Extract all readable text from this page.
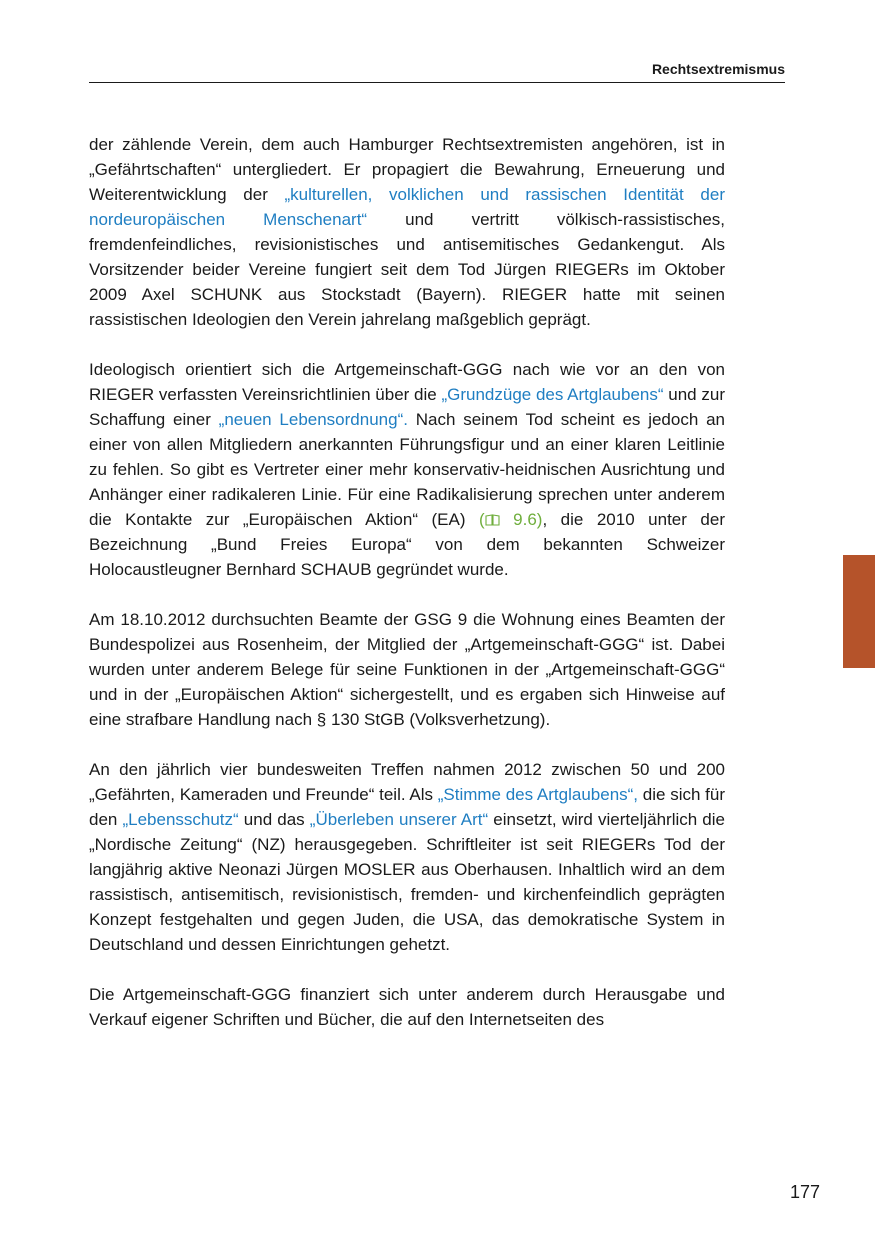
Rechtsextremismus

der zählende Verein, dem auch Hamburger Rechtsextremisten angehören, ist in „Gefährtschaften“ untergliedert. Er propagiert die Bewahrung, Erneuerung und Weiterentwicklung der „kulturellen, volklichen und rassischen Identität der nordeuropäischen Menschenart“ und vertritt völkisch-rassistisches, fremdenfeindliches, revisionistisches und antisemitisches Gedankengut. Als Vorsitzender beider Vereine fungiert seit dem Tod Jürgen RIEGERs im Oktober 2009 Axel SCHUNK aus Stockstadt (Bayern). RIEGER hatte mit seinen rassistischen Ideologien den Verein jahrelang maßgeblich geprägt.

Ideologisch orientiert sich die Artgemeinschaft-GGG nach wie vor an den von RIEGER verfassten Vereinsrichtlinien über die „Grundzüge des Artglaubens“ und zur Schaffung einer „neuen Lebensordnung“. Nach seinem Tod scheint es jedoch an einer von allen Mitgliedern anerkannten Führungsfigur und an einer klaren Leitlinie zu fehlen. So gibt es Vertreter einer mehr konservativ-heidnischen Ausrichtung und Anhänger einer radikaleren Linie. Für eine Radikalisierung sprechen unter anderem die Kontakte zur „Europäischen Aktion“ (EA) ( 9.6), die 2010 unter der Bezeichnung „Bund Freies Europa“ von dem bekannten Schweizer Holocaustleugner Bernhard SCHAUB gegründet wurde.

Am 18.10.2012 durchsuchten Beamte der GSG 9 die Wohnung eines Beamten der Bundespolizei aus Rosenheim, der Mitglied der „Artgemeinschaft-GGG“ ist. Dabei wurden unter anderem Belege für seine Funktionen in der „Artgemeinschaft-GGG“ und in der „Europäischen Aktion“ sichergestellt, und es ergaben sich Hinweise auf eine strafbare Handlung nach § 130 StGB (Volksverhetzung).

An den jährlich vier bundesweiten Treffen nahmen 2012 zwischen 50 und 200 „Gefährten, Kameraden und Freunde“ teil. Als „Stimme des Artglaubens“, die sich für den „Lebensschutz“ und das „Überleben unserer Art“ einsetzt, wird vierteljährlich die „Nordische Zeitung“ (NZ) herausgegeben. Schriftleiter ist seit RIEGERs Tod der langjährig aktive Neonazi Jürgen MOSLER aus Oberhausen. Inhaltlich wird an dem rassistisch, antisemitisch, revisionistisch, fremden- und kirchenfeindlich geprägten Konzept festgehalten und gegen Juden, die USA, das demokratische System in Deutschland und dessen Einrichtungen gehetzt.

Die Artgemeinschaft-GGG finanziert sich unter anderem durch Herausgabe und Verkauf eigener Schriften und Bücher, die auf den Internetseiten des

177
